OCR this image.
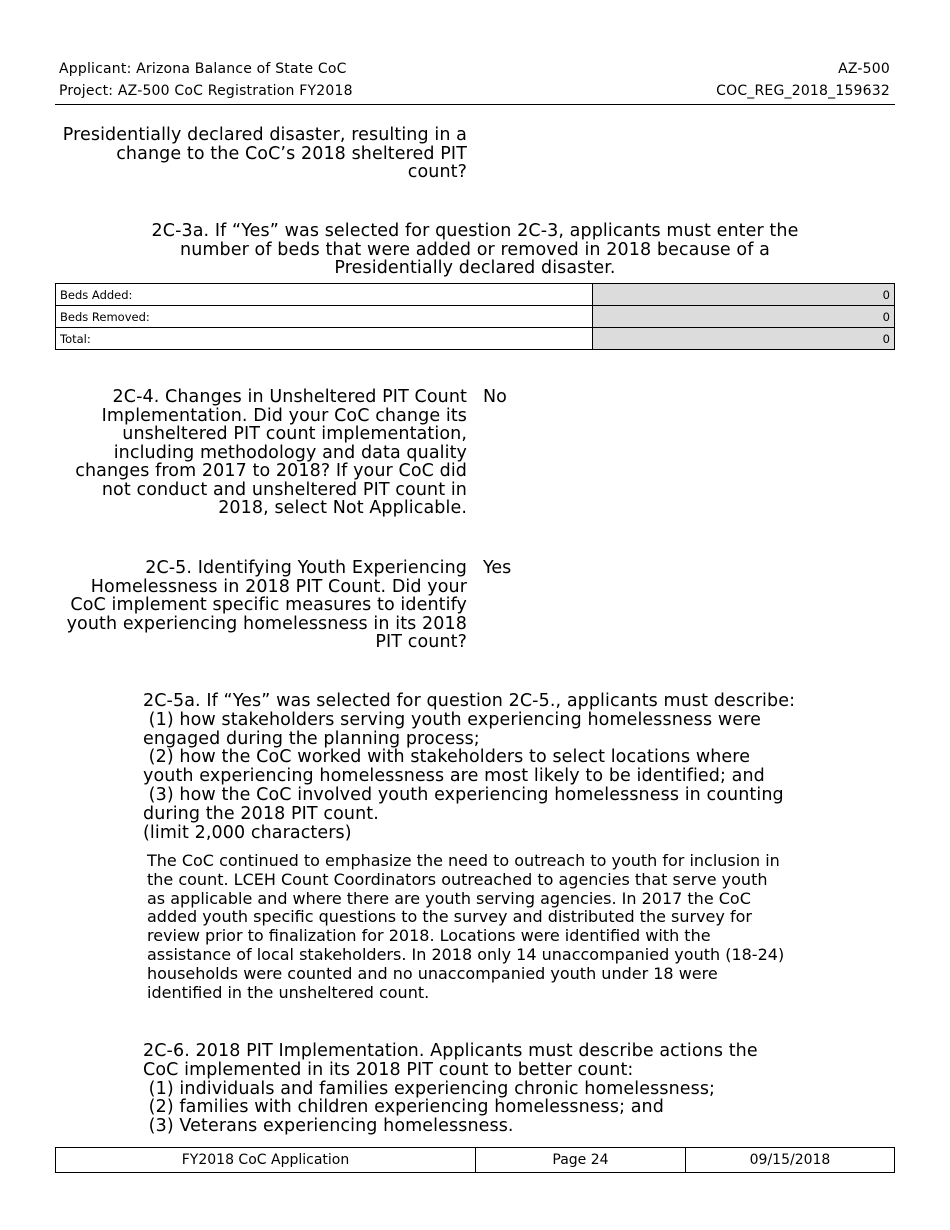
Applicant: Arizona Balance of State CoC
Project: AZ-500 CoC Registration FY2018
AZ-500
COC_REG_2018_159632
Presidentially declared disaster, resulting in a
change to the CoC’s 2018 sheltered PIT
count?
2C-3a. If “Yes” was selected for question 2C-3, applicants must enter the
number of beds that were added or removed in 2018 because of a
Presidentially declared disaster.
Beds Added:	0
Beds Removed:	0
Total:	0
2C-4. Changes in Unsheltered PIT Count
Implementation. Did your CoC change its
unsheltered PIT count implementation,
including methodology and data quality
changes from 2017 to 2018? If your CoC did
not conduct and unsheltered PIT count in
2018, select Not Applicable.
No
2C-5. Identifying Youth Experiencing
Homelessness in 2018 PIT Count. Did your
CoC implement specific measures to identify
youth experiencing homelessness in its 2018
PIT count?
Yes
2C-5a. If “Yes” was selected for question 2C-5., applicants must describe:
(1) how stakeholders serving youth experiencing homelessness were
engaged during the planning process;
(2) how the CoC worked with stakeholders to select locations where
youth experiencing homelessness are most likely to be identified; and
(3) how the CoC involved youth experiencing homelessness in counting
during the 2018 PIT count.
(limit 2,000 characters)
The CoC continued to emphasize the need to outreach to youth for inclusion in
the count. LCEH Count Coordinators outreached to agencies that serve youth
as applicable and where there are youth serving agencies. In 2017 the CoC
added youth specific questions to the survey and distributed the survey for
review prior to finalization for 2018. Locations were identified with the
assistance of local stakeholders. In 2018 only 14 unaccompanied youth (18-24)
households were counted and no unaccompanied youth under 18 were
identified in the unsheltered count.
2C-6. 2018 PIT Implementation. Applicants must describe actions the
CoC implemented in its 2018 PIT count to better count:
(1) individuals and families experiencing chronic homelessness;
(2) families with children experiencing homelessness; and
(3) Veterans experiencing homelessness.
FY2018 CoC Application	Page 24	09/15/2018
